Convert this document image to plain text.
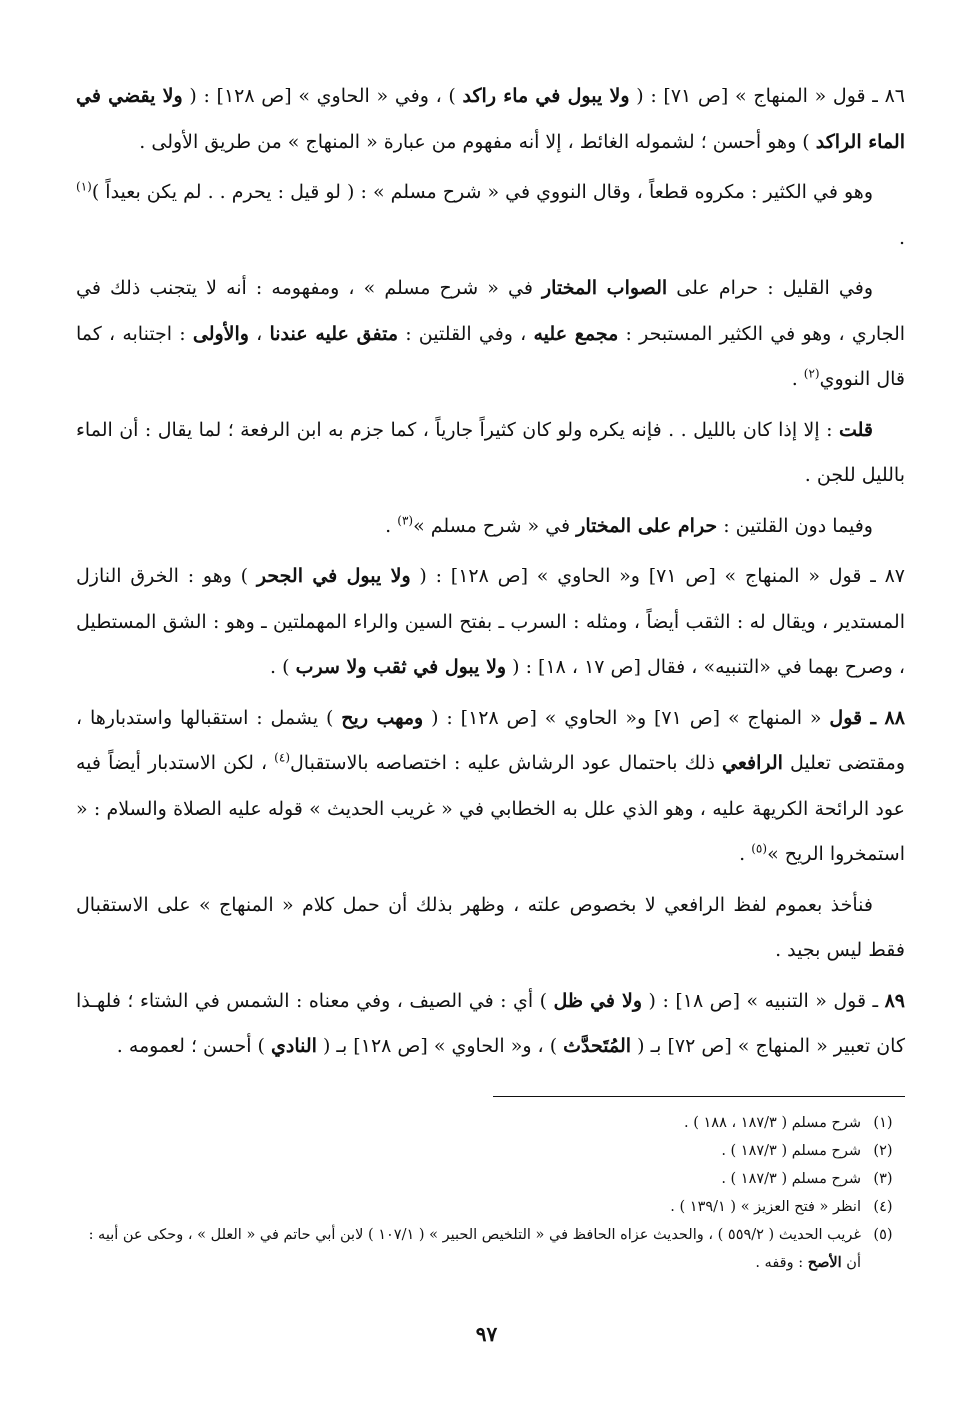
٨٦ ـ قول « المنهاج » [ص ٧١] : ( ولا يبول في ماء راكد ) ، وفي « الحاوي » [ص ١٢٨] : ( ولا يقضي في الماء الراكد ) وهو أحسن ؛ لشموله الغائط ، إلا أنه مفهوم من عبارة « المنهاج » من طريق الأولى .

وهو في الكثير : مكروه قطعاً ، وقال النووي في « شرح مسلم » : ( لو قيل : يحرم . . لم يكن بعيداً )$^{(١)}$ .

وفي القليل : حرام على الصواب المختار في « شرح مسلم » ، ومفهومه : أنه لا يتجنب ذلك في الجاري ، وهو في الكثير المستبحر : مجمع عليه ، وفي القلتين : متفق عليه عندنا ، والأولى : اجتنابه ، كما قال النووي$^{(٢)}$ .

قلت : إلا إذا كان بالليل . . فإنه يكره ولو كان كثيراً جارياً ، كما جزم به ابن الرفعة ؛ لما يقال : أن الماء بالليل للجن .

وفيما دون القلتين : حرام على المختار في « شرح مسلم »$^{(٣)}$ .

٨٧ ـ قول « المنهاج » [ص ٧١] و« الحاوي » [ص ١٢٨] : ( ولا يبول في الجحر ) وهو : الخرق النازل المستدير ، ويقال له : الثقب أيضاً ، ومثله : السرب ـ بفتح السين والراء المهملتين ـ وهو : الشق المستطيل ، وصرح بهما في «التنبيه» ، فقال [ص ١٧ ، ١٨] : ( ولا يبول في ثقب ولا سرب ) .

٨٨ ـ قول « المنهاج » [ص ٧١] و« الحاوي » [ص ١٢٨] : ( ومهب ريح ) يشمل : استقبالها واستدبارها ، ومقتضى تعليل الرافعي ذلك باحتمال عود الرشاش عليه : اختصاصه بالاستقبال$^{(٤)}$ ، لكن الاستدبار أيضاً فيه عود الرائحة الكريهة عليه ، وهو الذي علل به الخطابي في « غريب الحديث » قوله عليه الصلاة والسلام : « استمخروا الريح »$^{(٥)}$ .

فنأخذ بعموم لفظ الرافعي لا بخصوص علته ، وظهر بذلك أن حمل كلام « المنهاج » على الاستقبال فقط ليس بجيد .

٨٩ ـ قول « التنبيه » [ص ١٨] : ( ولا في ظل ) أي : في الصيف ، وفي معناه : الشمس في الشتاء ؛ فلهـذا كان تعبير « المنهاج » [ص ٧٢] بـ ( المُتَحدَّث ) ، و« الحاوي » [ص ١٢٨] بـ ( النادي ) أحسن ؛ لعمومه .

(١)
شرح مسلم ( ١٨٧/٣ ، ١٨٨ ) .
(٢)
شرح مسلم ( ١٨٧/٣ ) .
(٣)
شرح مسلم ( ١٨٧/٣ ) .
(٤)
انظر « فتح العزيز » ( ١٣٩/١ ) .
(٥)
غريب الحديث ( ٥٥٩/٢ ) ، والحديث عزاه الحافظ في « التلخيص الحبير » ( ١٠٧/١ ) لابن أبي حاتم في « العلل » ، وحكى عن أبيه : أن الأصح : وقفه .
٩٧
